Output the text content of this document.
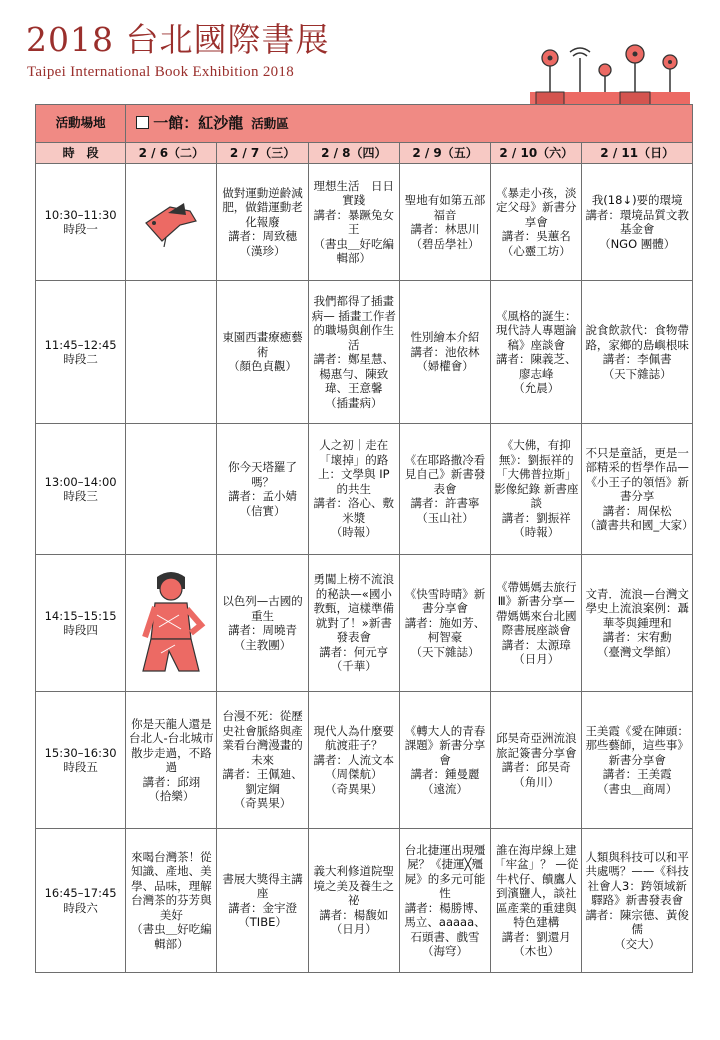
2018 台北國際書展
Taipei International Book Exhibition 2018
活動場地	一館：紅沙龍 活動區					
時　段	2 / 6（二）	2 / 7（三）	2 / 8（四）	2 / 9（五）	2 / 10（六）	2 / 11（日）
10:30–11:30
時段一		做對運動逆齡減肥，做錯運動老化報廢
講者：周致穗
（漢珍）	理想生活　日日實踐
講者：暴蹶兔女王
（書虫＿好吃編輯部）	聖地有如第五部福音
講者：林思川
（碧岳學社）	《暴走小孩，淡定父母》新書分享會
講者：吳蕙名
（心靈工坊）	我(18↓)要的環境
講者：環境品質文教基金會
（NGO 團體）
11:45–12:45
時段二		東園西畫療癒藝術
（顏色貞觀）	我們都得了插畫病— 插畫工作者的職場與創作生活
講者：鄭星慧、楊惠勻、陳致瑋、王意馨
（插畫病）	性別繪本介紹
講者：池依林
（婦權會）	《風格的誕生：現代詩人專題論稿》座談會
講者：陳義芝、廖志峰
（允晨）	說食飲款代：食物帶路，家鄉的島嶼根味
講者：李佩書
（天下雜誌）
13:00–14:00
時段三		你今天塔羅了嗎？
講者：孟小婧
（信實）	人之初｜走在「壞掉」的路上：文學與 IP 的共生
講者：洛心、敷米漿
（時報）	《在耶路撒冷看見自己》新書發表會
講者：許書寧
（玉山社）	《大佛，有抑無》：劉振祥的「大佛普拉斯」影像紀錄 新書座談
講者：劉振祥
（時報）	不只是童話，更是一部精采的哲學作品—《小王子的領悟》新書分享
講者：周保松
（讀書共和國_大家）
14:15–15:15
時段四		以色列—古國的重生
講者：周曉青
（主教團）	勇闖上榜不流浪的秘訣—«國小教甄，這樣準備就對了！»新書發表會
講者：何元亨
（千華）	《快雪時晴》新書分享會
講者：施如芳、柯智豪
（天下雜誌）	《帶媽媽去旅行Ⅲ》新書分享—帶媽媽來台北國際書展座談會
講者：太源璋
（日月）	文青．流浪—台灣文學史上流浪案例：聶華苓與鍾理和
講者：宋宥勳
（臺灣文學館）
15:30–16:30
時段五	你是天龍人還是台北人-台北城市散步走過，不路過
講者：邱翊
（拾樂）	台漫不死：從歷史社會脈絡與產業看台灣漫畫的未來
講者：王佩廸、劉定綱
（奇異果）	現代人為什麼要航渡莊子？
講者：人流文本
（周傑航）
（奇異果）	《轉大人的青春課題》新書分享會
講者：鍾曼麗
（遠流）	邱昊奇亞洲流浪旅記簽書分享會
講者：邱昊奇
（角川）	王美霞《愛在陣頭：那些藝師，這些事》新書分享會
講者：王美霞
（書虫＿商周）
16:45–17:45
時段六	來喝台灣茶！從知識、產地、美學、品味，理解台灣茶的芬芳與美好
（書虫＿好吃編輯部）	書展大獎得主講座
講者：金宇澄
（TIBE）	義大利修道院聖境之美及養生之祕
講者：楊馥如
（日月）	台北捷運出現殭屍？《捷運╳殭屍》的多元可能性
講者：楊勝博、馬立、aaaaa、石頭書、戲雪
（海穹）	誰在海岸線上建「牢盆」？ —從牛杙仔、饋鷹人到濱鹽人，談社區產業的重建與特色建構
講者：劉還月
（木也）	人類與科技可以和平共處嗎？——《科技 社會人3：跨領域新驛路》新書發表會
講者：陳宗德、黃俊儒
（交大）
